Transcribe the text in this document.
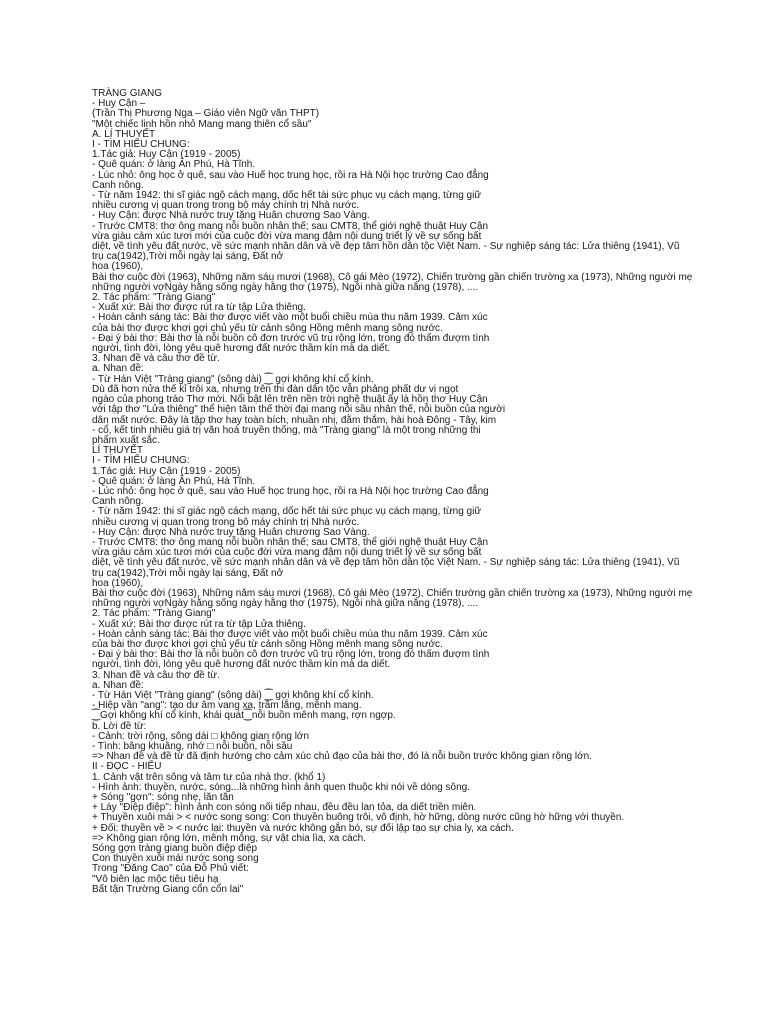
TRÀNG GIANG
- Huy Cận –
(Trần Thị Phương Nga – Giáo viên Ngữ văn THPT)
"Một chiếc linh hồn nhỏ Mang mang thiên cổ sầu"
A. LÍ THUYẾT
I - TÌM HIỂU CHUNG:
1.Tác giả: Huy Cận (1919 - 2005)
- Quê quán: ở làng Ân Phú, Hà Tĩnh.
- Lúc nhỏ: ông học ở quê, sau vào Huế học trung học, rồi ra Hà Nội học trường Cao đẳng
Canh nông.
- Từ năm 1942: thi sĩ giác ngộ cách mạng, dốc hết tài sức phục vụ cách mạng, từng giữ
nhiều cương vị quan trong trong bộ máy chính trị Nhà nước.
- Huy Cận: được Nhà nước truy tặng Huân chương Sao Vàng.
- Trước CMT8: thơ ông mang nỗi buồn nhân thế; sau CMT8, thể giới nghệ thuật Huy Cận
vừa giàu cảm xúc tươi mới của cuộc đời vừa mang đậm nội dung triết lý về sự sống bất
diệt, về tình yêu đất nước, về sức mạnh nhân dân và về đẹp tâm hồn dân tộc Việt Nam. - Sự nghiệp sáng tác: Lửa thiêng (1941), Vũ
trụ ca(1942),Trời mỗi ngày lại sáng, Đất nở
hoa (1960),
Bài thơ cuộc đời (1963), Những năm sáu mươi (1968), Cô gái Mèo (1972), Chiến trường gần chiến trường xa (1973), Những người mẹ
những người vợNgày hằng sống ngày hằng thơ (1975), Ngôi nhà giữa nắng (1978), ....
2. Tác phẩm: "Tràng Giang"
- Xuất xứ: Bài thơ được rút ra từ tập Lửa thiêng.
- Hoàn cảnh sáng tác: Bài thơ được viết vào một buổi chiều mùa thu năm 1939. Cảm xúc
của bài thơ được khơi gợi chủ yếu từ cảnh sông Hồng mênh mang sông nước.
- Đại ý bài thơ: Bài thơ là nỗi buồn cô đơn trước vũ trụ rộng lớn, trong đó thấm đượm tình
người, tình đời, lòng yêu quê hương đất nước thầm kín mà da diết.
3. Nhan đề và câu thơ đề từ.
a. Nhan đề:
- Từ Hán Việt "Tràng giang" (sông dài) ⁐ gợi không khí cổ kính.
Dù đã hơn nửa thế kỉ trôi xa, nhưng trên thi đàn dân tộc vẫn phảng phất dư vị ngọt
ngào của phong trào Thơ mới. Nổi bật lên trên nền trời nghệ thuật ấy là hồn thơ Huy Cận
với tập thơ "Lửa thiêng" thể hiện tâm thế thời đại mang nỗi sầu nhân thế, nỗi buồn của người
dân mất nước. Đây là tập thơ hay toàn bích, nhuần nhị, đằm thắm, hài hoà Đông - Tây, kim
- cổ, kết tinh nhiều giá trị văn hoá truyền thống, mà "Tràng giang" là một trong những thi
phẩm xuất sắc.
LÍ THUYẾT
I - TÌM HIỂU CHUNG:
1.Tác giả: Huy Cận (1919 - 2005)
- Quê quán: ở làng Ân Phú, Hà Tĩnh.
- Lúc nhỏ: ông học ở quê, sau vào Huế học trung học, rồi ra Hà Nội học trường Cao đẳng
Canh nông.
- Từ năm 1942: thi sĩ giác ngộ cách mạng, dốc hết tài sức phục vụ cách mạng, từng giữ
nhiều cương vị quan trong trong bộ máy chính trị Nhà nước.
- Huy Cận: được Nhà nước truy tặng Huân chương Sao Vàng.
- Trước CMT8: thơ ông mang nỗi buồn nhân thế; sau CMT8, thể giới nghệ thuật Huy Cận
vừa giàu cảm xúc tươi mới của cuộc đời vừa mang đậm nội dung triết lý về sự sống bất
diệt, về tình yêu đất nước, về sức mạnh nhân dân và về đẹp tâm hồn dân tộc Việt Nam. - Sự nghiệp sáng tác: Lửa thiêng (1941), Vũ
trụ ca(1942),Trời mỗi ngày lại sáng, Đất nở
hoa (1960),
Bài thơ cuộc đời (1963), Những năm sáu mươi (1968), Cô gái Mèo (1972), Chiến trường gần chiến trường xa (1973), Những người mẹ
những người vợNgày hằng sống ngày hằng thơ (1975), Ngôi nhà giữa nắng (1978), ....
2. Tác phẩm: "Tràng Giang"
- Xuất xứ: Bài thơ được rút ra từ tập Lửa thiêng.
- Hoàn cảnh sáng tác: Bài thơ được viết vào một buổi chiều mùa thu năm 1939. Cảm xúc
của bài thơ được khơi gợi chủ yếu từ cảnh sông Hồng mênh mang sông nước.
- Đại ý bài thơ: Bài thơ là nỗi buồn cô đơn trước vũ trụ rộng lớn, trong đó thấm đượm tình
người, tình đời, lòng yêu quê hương đất nước thầm kín mà da diết.
3. Nhan đề và câu thơ đề từ.
a. Nhan đề:
- Từ Hán Việt "Tràng giang" (sông dài) ⁐ gợi không khí cổ kính.
- Hiệp vần "ang": tạo dư âm vang xa, trầm lắng, mênh mang.
⁐Gợi không khí cổ kính, khái quát⁐nỗi buồn mênh mang, rợn ngợp.
b. Lời đề từ:
- Cảnh: trời rộng, sông dài □ không gian rộng lớn
- Tình: bâng khuâng, nhớ □ nỗi buồn, nỗi sầu
=> Nhan đề và đề từ đã định hướng cho cảm xúc chủ đạo của bài thơ, đó là nỗi buồn trước không gian rộng lớn.
II - ĐỌC - HIỂU
1. Cảnh vật trên sông và tâm tư của nhà thơ. (khổ 1)
- Hình ảnh: thuyền, nước, sóng...là những hình ảnh quen thuộc khi nói về dòng sông.
+ Sóng "gợn": sóng nhẹ, lăn tăn
+ Láy "Điệp điệp": hình ảnh con sóng nối tiếp nhau, đều đều lan tỏa, da diết triền miên.
+ Thuyền xuôi mái > < nước song song: Con thuyền buông trôi, vô định, hờ hững, dòng nước cũng hờ hững với thuyền.
+ Đối: thuyền về > < nước lại: thuyền và nước không gắn bó, sự đối lập tạo sự chia ly, xa cách.
=> Không gian rộng lớn, mênh mông, sự vật chia lìa, xa cách.
Sóng gợn tràng giang buồn điệp điệp
Con thuyền xuôi mái nước song song
Trong "Đăng Cao" của Đỗ Phủ viết:
"Vô biên lạc mộc tiêu tiêu hạ
Bất tận Trường Giang cổn cổn lai"
